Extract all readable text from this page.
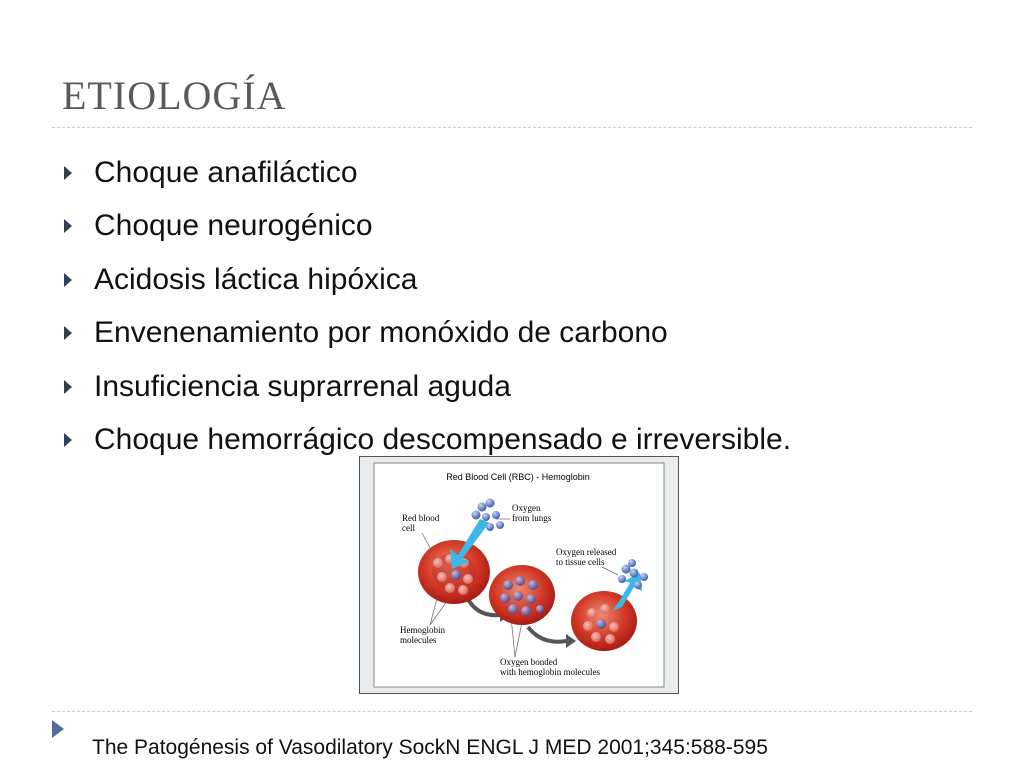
ETIOLOGÍA
Choque anafiláctico
Choque neurogénico
Acidosis láctica hipóxica
Envenenamiento por monóxido de carbono
Insuficiencia suprarrenal aguda
Choque hemorrágico descompensado e irreversible.
Red Blood Cell (RBC) - Hemoglobin
Red blood
cell
Oxygen
from lungs
Oxygen released
to tissue cells
Hemoglobin
molecules
Oxygen bonded
with hemoglobin molecules
The Patogénesis of Vasodilatory SockN ENGL J MED 2001;345:588-595
